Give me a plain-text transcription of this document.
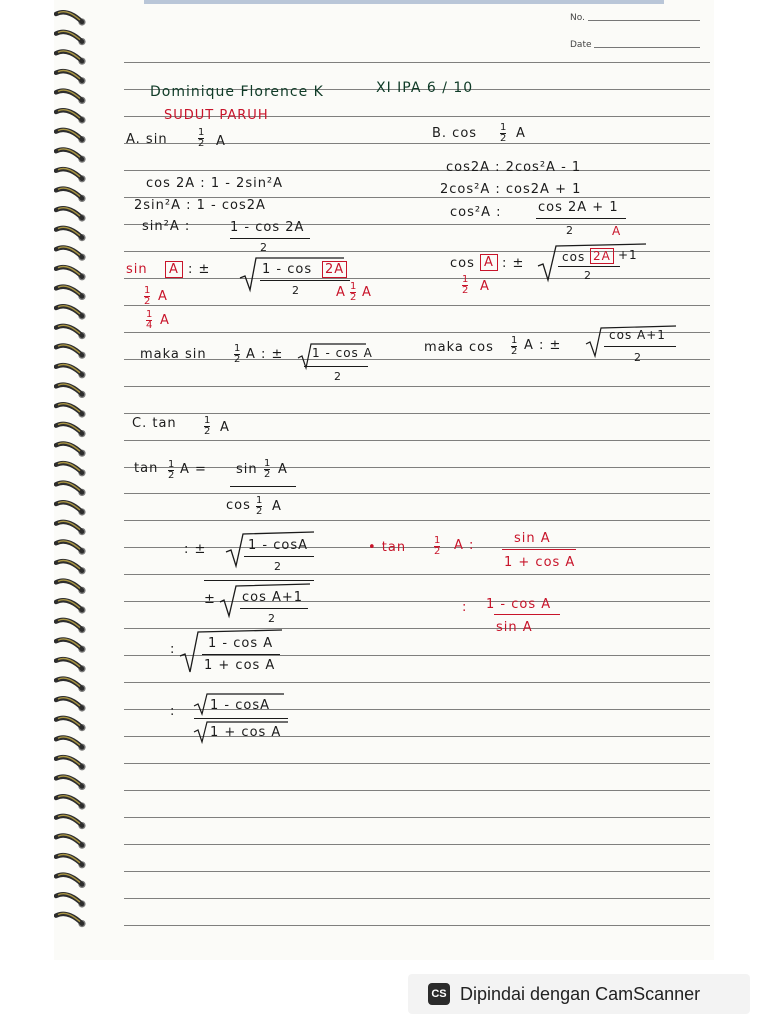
No.
Date
Dominique Florence K	XI IPA 6 / 10
SUDUT PARUH
A. sin	1
2 A
cos 2A : 1 - 2sin²A
2sin²A : 1 - cos2A
sin²A :	1 - cos 2A
2
sin	A : ±	1 - cos 2A
2	A 1
2 A
1
2 A
1
4 A
maka sin	1
2 A : ± 1 - cos A
2
B. cos 1
2 A
cos2A : 2cos²A - 1
2cos²A : cos2A + 1
cos²A :	cos 2A + 1
2	A
cos A : ±	cos 2A +1
2
1
2 A
maka cos 1
2 A : ±
cos A+1
2
C. tan	1
2 A
tan 1
2 A = sin 1
2 A
cos 1
2 A
: ±	1 - cosA
2
± cos A+1
2
:	1 - cos A
1 + cos A
:	1 - cosA
1 + cos A
• tan	1
2 A :	sin A
1 + cos A
: 1 - cos A
sin A
CS Dipindai dengan CamScanner
